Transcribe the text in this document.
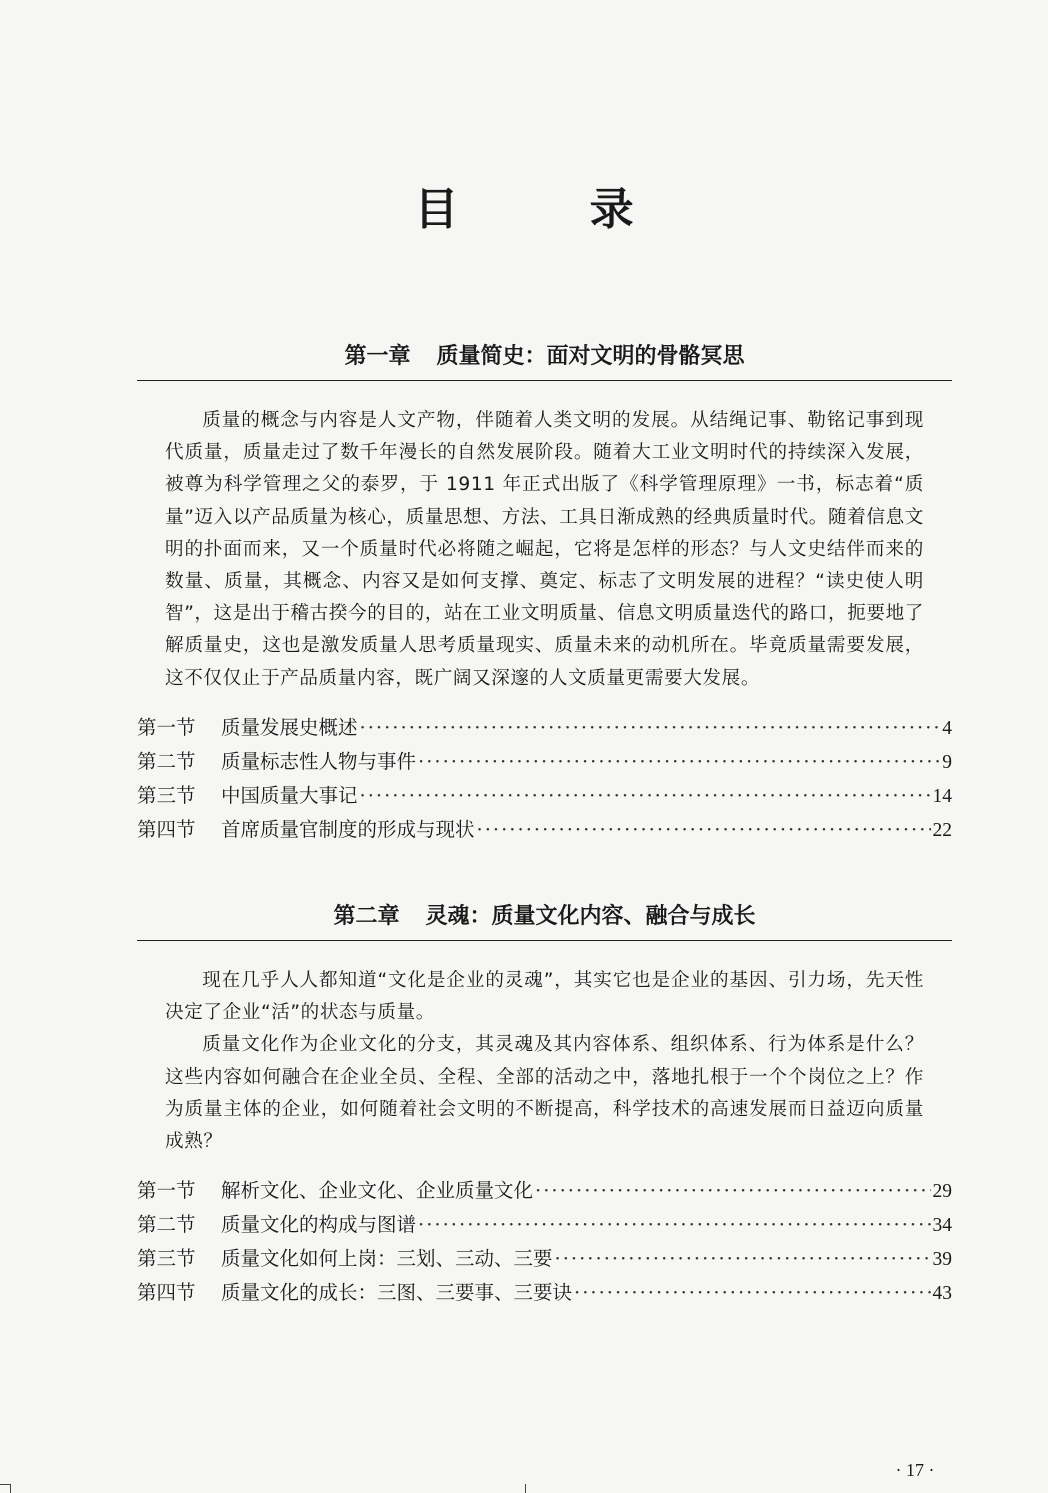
目 录
第一章 质量简史：面对文明的骨骼冥思

质量的概念与内容是人文产物，伴随着人类文明的发展。从结绳记事、勒铭记事到现代质量，质量走过了数千年漫长的自然发展阶段。随着大工业文明时代的持续深入发展，被尊为科学管理之父的泰罗，于 1911 年正式出版了《科学管理原理》一书，标志着“质量”迈入以产品质量为核心，质量思想、方法、工具日渐成熟的经典质量时代。随着信息文明的扑面而来，又一个质量时代必将随之崛起，它将是怎样的形态？与人文史结伴而来的数量、质量，其概念、内容又是如何支撑、奠定、标志了文明发展的进程？“读史使人明智”，这是出于稽古揆今的目的，站在工业文明质量、信息文明质量迭代的路口，扼要地了解质量史，这也是激发质量人思考质量现实、质量未来的动机所在。毕竟质量需要发展，这不仅仅止于产品质量内容，既广阔又深邃的人文质量更需要大发展。

第一节	质量发展史概述 ·····	4
第二节	质量标志性人物与事件 ·····	9
第三节	中国质量大事记 ·····	14
第四节	首席质量官制度的形成与现状 ·····	22
第二章 灵魂：质量文化内容、融合与成长

现在几乎人人都知道“文化是企业的灵魂”，其实它也是企业的基因、引力场，先天性决定了企业“活”的状态与质量。

质量文化作为企业文化的分支，其灵魂及其内容体系、组织体系、行为体系是什么？这些内容如何融合在企业全员、全程、全部的活动之中，落地扎根于一个个岗位之上？作为质量主体的企业，如何随着社会文明的不断提高，科学技术的高速发展而日益迈向质量成熟？

第一节	解析文化、企业文化、企业质量文化 ·····	29
第二节	质量文化的构成与图谱 ·····	34
第三节	质量文化如何上岗：三划、三动、三要 ·····	39
第四节	质量文化的成长：三图、三要事、三要诀 ·····	43
· 17 ·
